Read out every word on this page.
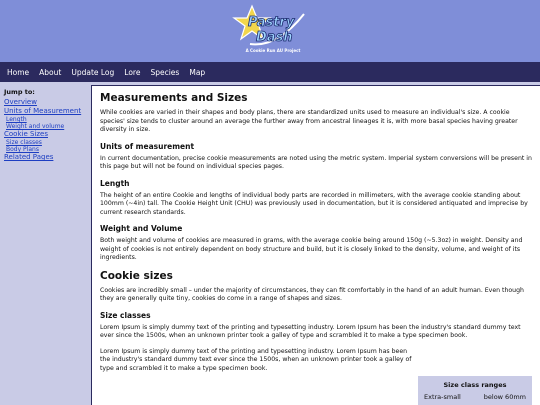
Pastry
Dash
A Cookie Run AU Project
Home	About	Update Log	Lore	Species	Map
Jump to:
Overview
Units of Measurement
Length
Weight and volume
Cookie Sizes
Size classes
Body Plans
Related Pages
Measurements and Sizes
While cookies are varied in their shapes and body plans, there are standardized units used to measure an individual's size. A cookie species' size tends to cluster around an average the further away from ancestral lineages it is, with more basal species having greater diversity in size.
Units of measurement
In current documentation, precise cookie measurements are noted using the metric system. Imperial system conversions will be present in this page but will not be found on individual species pages.
Length
The height of an entire Cookie and lengths of individual body parts are recorded in millimeters, with the average cookie standing about 100mm (~4in) tall. The Cookie Height Unit (CHU) was previously used in documentation, but it is considered antiquated and imprecise by current research standards.
Weight and Volume
Both weight and volume of cookies are measured in grams, with the average cookie being around 150g (~5.3oz) in weight. Density and weight of cookies is not entirely dependent on body structure and build, but it is closely linked to the density, volume, and weight of its ingredients.
Cookie sizes
Cookies are incredibly small – under the majority of circumstances, they can fit comfortably in the hand of an adult human. Even though they are generally quite tiny, cookies do come in a range of shapes and sizes.
Size classes
Lorem Ipsum is simply dummy text of the printing and typesetting industry. Lorem Ipsum has been the industry's standard dummy text ever since the 1500s, when an unknown printer took a galley of type and scrambled it to make a type specimen book.
Lorem Ipsum is simply dummy text of the printing and typesetting industry. Lorem Ipsum has been the industry's standard dummy text ever since the 1500s, when an unknown printer took a galley of type and scrambled it to make a type specimen book.
Size class ranges
Extra-small	below 60mm
